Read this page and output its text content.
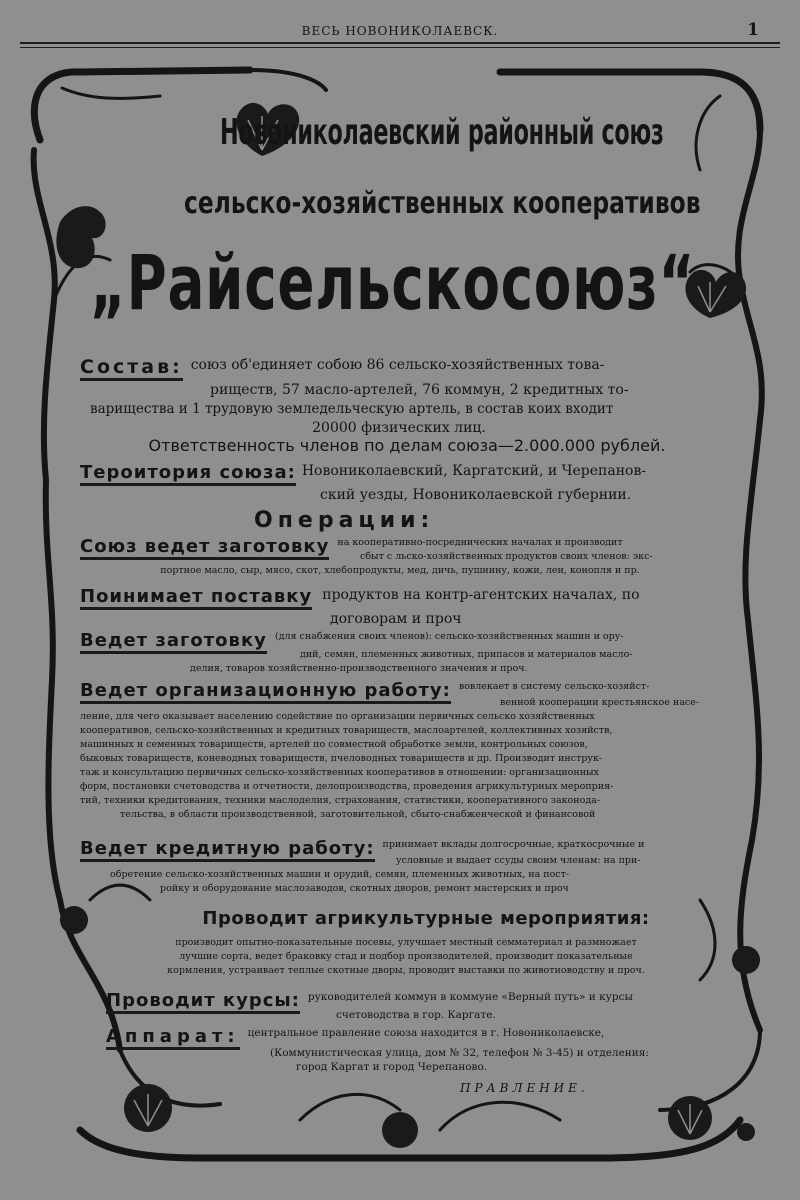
ВЕСЬ НОВОНИКОЛАЕВСК.	1
Новониколаевский районный союз
сельско-хозяйственных кооперативов
„Райсельскосоюз“
Состав: союз об'единяет собою 86 сельско-хозяйственных това-
риществ, 57 масло-артелей, 76 коммун, 2 кредитных то-
варищества и 1 трудовую земледельческую артель, в состав коих входит
20000 физических лиц.
Ответственность членов по делам союза—2.000.000 рублей.
Тероитория союза: Новониколаевский, Каргатский, и Черепанов-
ский уезды, Новониколаевской губернии.
Операции:
Союз ведет заготовку на кооперативно-посреднических началах и производит
сбыт с льско-хозяйственных продуктов своих членов: экс-
портное масло, сыр, мясо, скот, хлебопродукты, мед, дичь, пушнину, кожи, лен, конопля и пр.
Поинимает поставку продуктов на контр-агентских началах, по
договорам и проч
Ведет заготовку (для снабжения своих членов): сельско-хозяйственных машин и ору-
дий, семян, племенных животных, припасов и материалов масло-
делия, товаров хозяйственно-производственного значения и проч.
Ведет организационную работу: вовлекает в систему сельско-хозяйст-
венной кооперации крестьянское насе-
ление, для чего оказывает населению содействие по организации первичных сельско хозяйственных
кооперативов, сельско-хозяйственных и кредитных товариществ, маслоартелей, коллективных хозяйств,
машинных и семенных товариществ, артелей по совместной обработке земли, контрольных союзов,
быковых товариществ, коневодных товариществ, пчеловодных товариществ и др. Производит инструк-
таж и консультацию первичных сельско-хозяйственных кооперативов в отношении: организационных
форм, постановки счетоводства и отчетности, делопроизводства, проведения агрикультурных мероприя-
тий, техники кредитования, техники маслоделия, страхования, статистики, кооперативного законода-
тельства, в области производственной, заготовительной, сбыто-снабженческой и финансовой
Ведет кредитную работу: принимает вклады долгосрочные, краткосрочные и
условные и выдает ссуды своим членам: на при-
обретение сельско-хозяйственных машин и орудий, семян, племенных животных, на пост-
ройку и оборудование маслозаводов, скотных дворов, ремонт мастерских и проч
Проводит агрикультурные мероприятия:
производит опытно-показательные посевы, улучшает местный семматериал и размножает
лучшие сорта, ведет браковку стад и подбор производителей, производит показательные
кормления, устраивает теплые скотные дворы, проводит выставки по животноводству и проч.
Проводит курсы: руководителей коммун в коммуне «Верный путь» и курсы
счетоводства в гор. Каргате.
Аппарат: центральное правление союза находится в г. Новониколаевске,
(Коммунистическая улица, дом № 32, телефон № 3-45) и отделения:
город Каргат и город Черепаново.
ПРАВЛЕНИЕ.
